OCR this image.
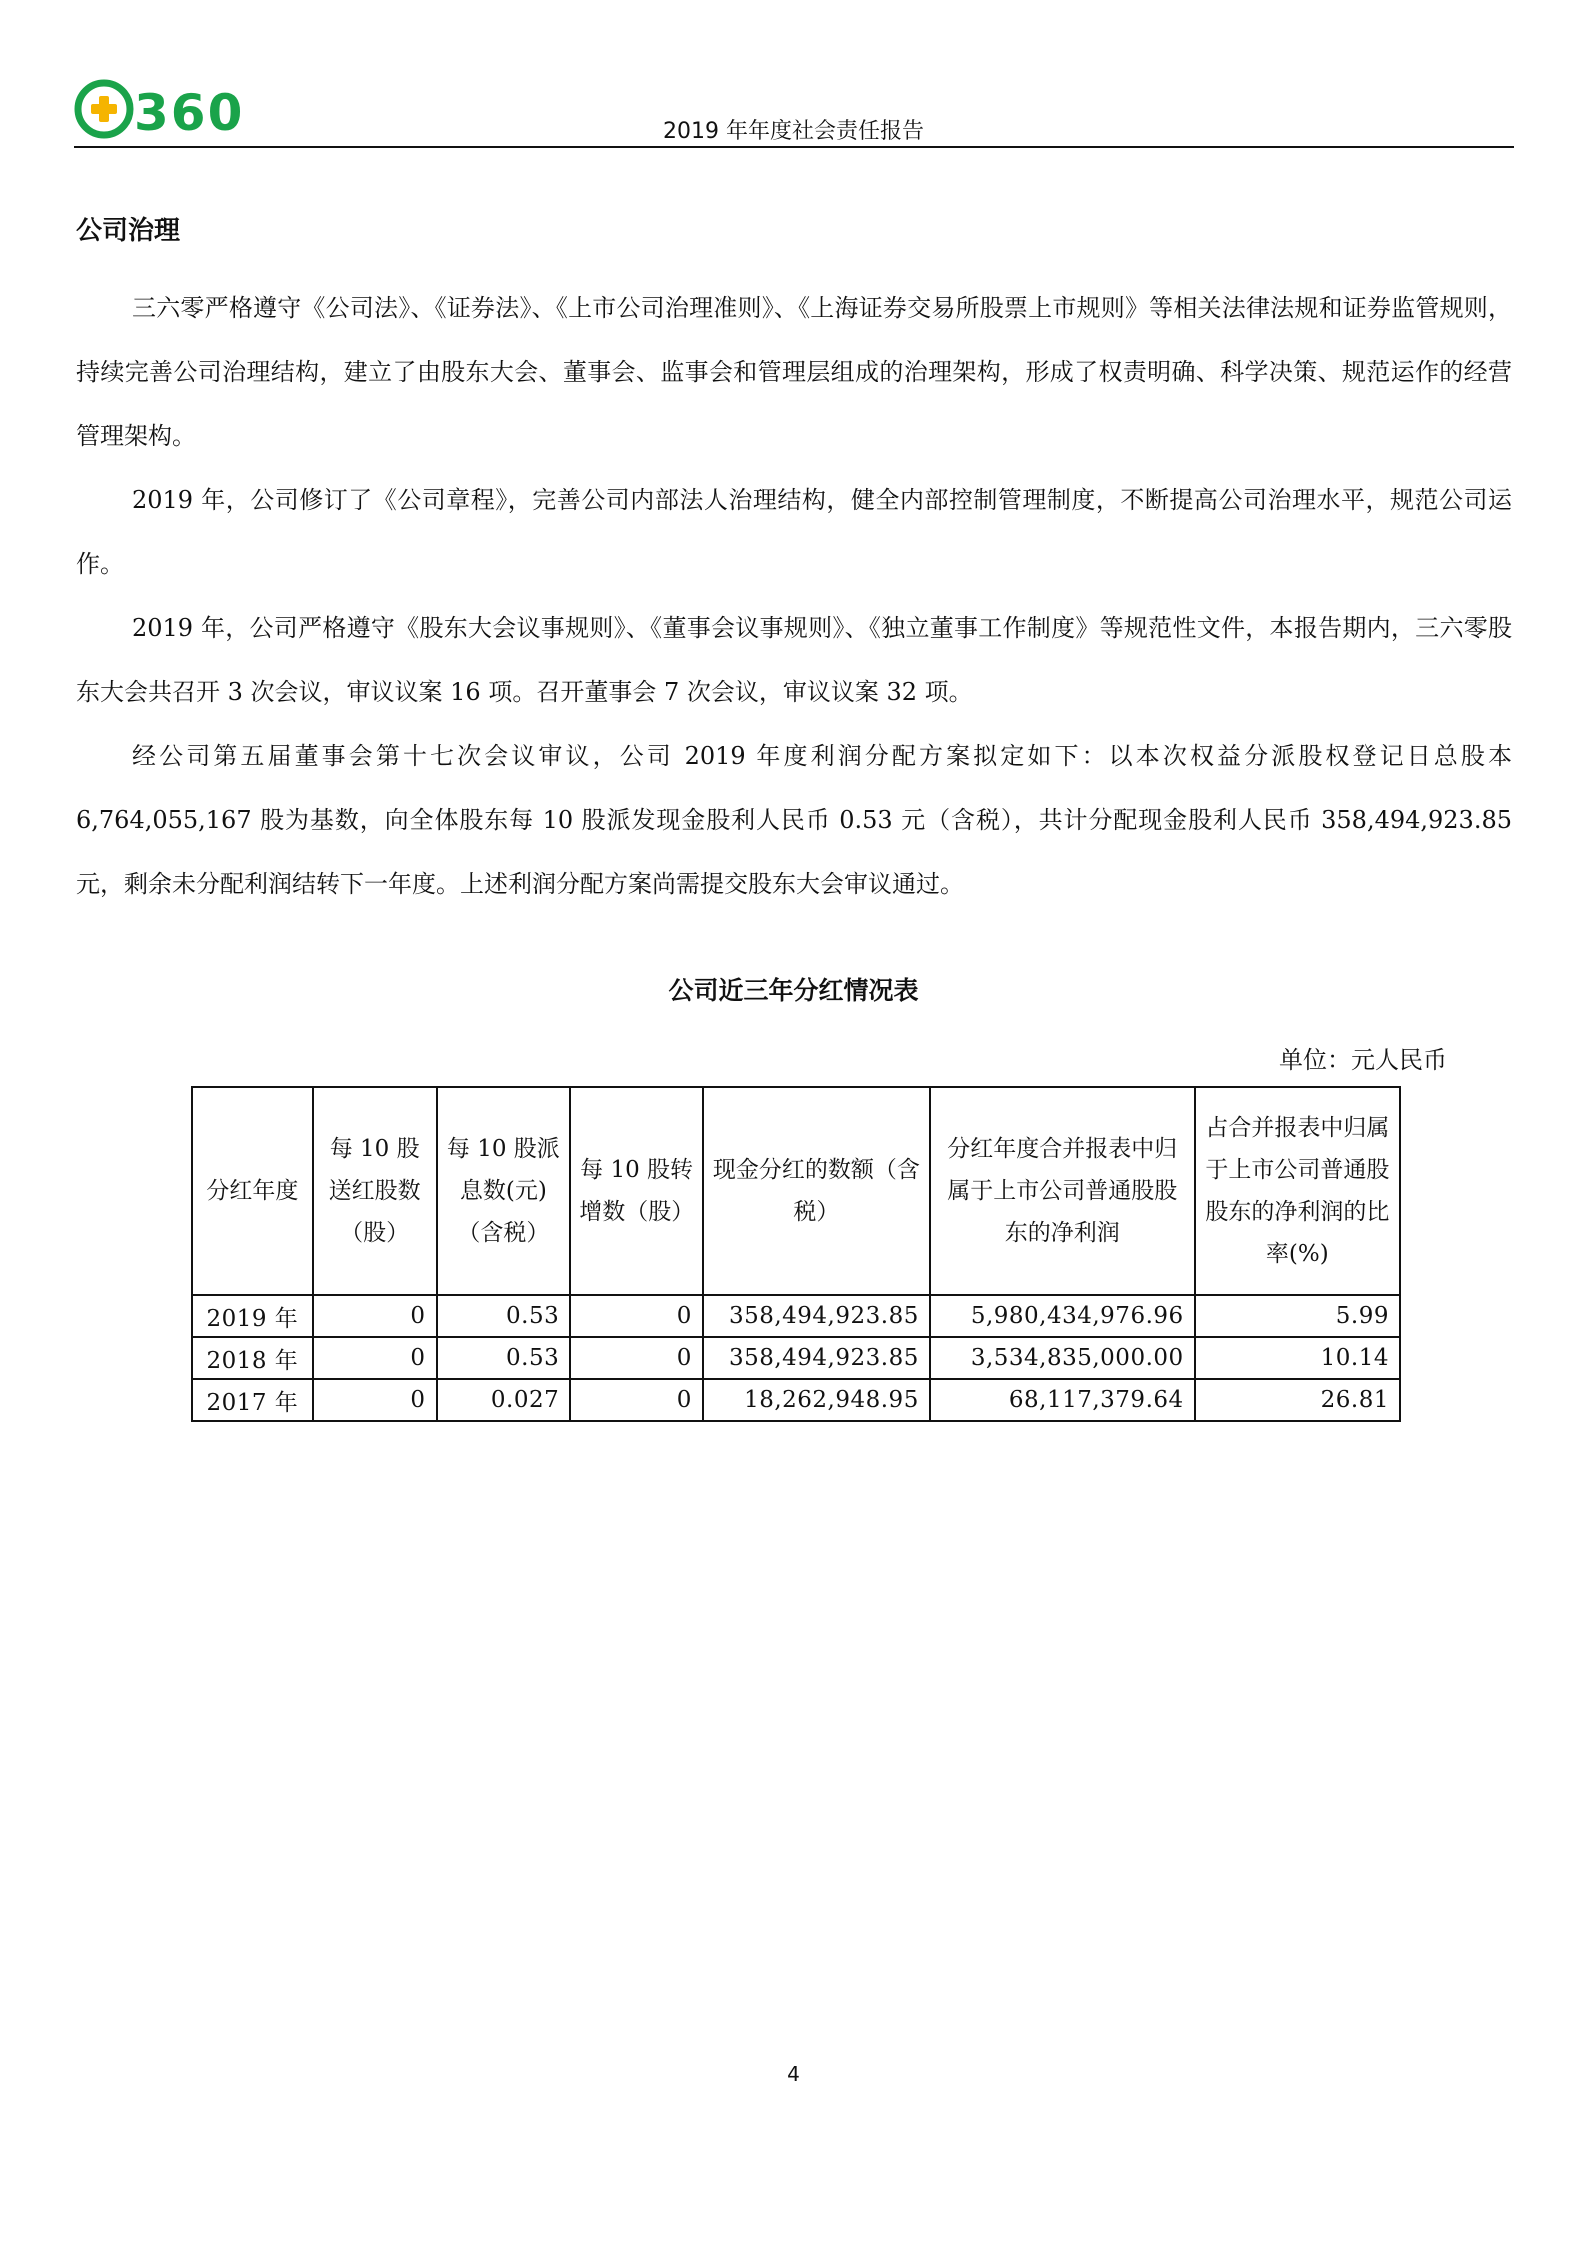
360	2019 年年度社会责任报告
公司治理

三六零严格遵守《公司法》、《证券法》、《上市公司治理准则》、《上海证券交易所股票上市规则》等相关法律法规和证券监管规则，持续完善公司治理结构，建立了由股东大会、董事会、监事会和管理层组成的治理架构，形成了权责明确、科学决策、规范运作的经营管理架构。

2019 年，公司修订了《公司章程》，完善公司内部法人治理结构，健全内部控制管理制度，不断提高公司治理水平，规范公司运作。

2019 年，公司严格遵守《股东大会议事规则》、《董事会议事规则》、《独立董事工作制度》等规范性文件，本报告期内，三六零股东大会共召开 3 次会议，审议议案 16 项。召开董事会 7 次会议，审议议案 32 项。

经公司第五届董事会第十七次会议审议，公司 2019 年度利润分配方案拟定如下：以本次权益分派股权登记日总股本 6,764,055,167 股为基数，向全体股东每 10 股派发现金股利人民币 0.53 元（含税），共计分配现金股利人民币 358,494,923.85 元，剩余未分配利润结转下一年度。上述利润分配方案尚需提交股东大会审议通过。

公司近三年分红情况表
单位：元人民币
分红年度	每 10 股送红股数（股）	每 10 股派息数(元)（含税）	每 10 股转增数（股）	现金分红的数额（含税）	分红年度合并报表中归属于上市公司普通股股东的净利润	占合并报表中归属于上市公司普通股股东的净利润的比率(%)
2019 年	0	0.53	0	358,494,923.85	5,980,434,976.96	5.99
2018 年	0	0.53	0	358,494,923.85	3,534,835,000.00	10.14
2017 年	0	0.027	0	18,262,948.95	68,117,379.64	26.81
4
